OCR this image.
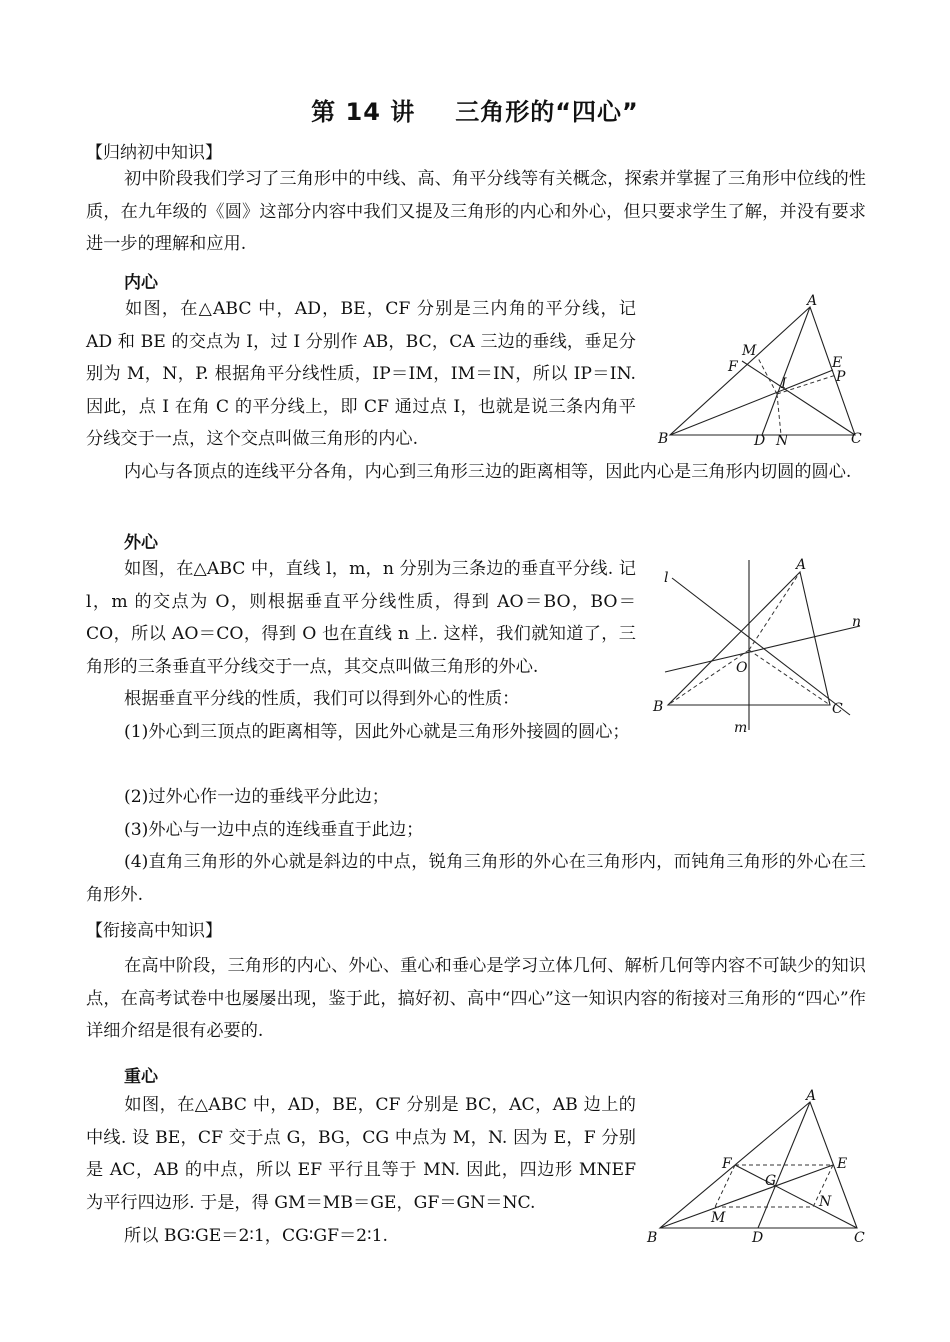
第 14 讲 三角形的“四心”
【归纳初中知识】

初中阶段我们学习了三角形中的中线、高、角平分线等有关概念，探索并掌握了三角形中位线的性质，在九年级的《圆》这部分内容中我们又提及三角形的内心和外心，但只要求学生了解，并没有要求进一步的理解和应用.

内心

如图，在△ABC 中，AD，BE，CF 分别是三内角的平分线，记 AD 和 BE 的交点为 I，过 I 分别作 AB，BC，CA 三边的垂线，垂足分别为 M，N，P. 根据角平分线性质，IP＝IM，IM＝IN，所以 IP＝IN. 因此，点 I 在角 C 的平分线上，即 CF 通过点 I，也就是说三条内角平分线交于一点，这个交点叫做三角形的内心.

内心与各顶点的连线平分各角，内心到三角形三边的距离相等，因此内心是三角形内切圆的圆心.

A
B	C
D N
M
F	E
P
I
外心

如图，在△ABC 中，直线 l，m，n 分别为三条边的垂直平分线. 记 l，m 的交点为 O，则根据垂直平分线性质，得到 AO＝BO，BO＝CO，所以 AO＝CO，得到 O 也在直线 n 上. 这样，我们就知道了，三角形的三条垂直平分线交于一点，其交点叫做三角形的外心.

根据垂直平分线的性质，我们可以得到外心的性质：

(1)外心到三顶点的距离相等，因此外心就是三角形外接圆的圆心；

(2)过外心作一边的垂线平分此边；

(3)外心与一边中点的连线垂直于此边；

(4)直角三角形的外心就是斜边的中点，锐角三角形的外心在三角形内，而钝角三角形的外心在三角形外.

l
m
n
A
B	C
O
【衔接高中知识】

在高中阶段，三角形的内心、外心、重心和垂心是学习立体几何、解析几何等内容不可缺少的知识点，在高考试卷中也屡屡出现，鉴于此，搞好初、高中“四心”这一知识内容的衔接对三角形的“四心”作详细介绍是很有必要的.

重心

如图，在△ABC 中，AD，BE，CF 分别是 BC，AC，AB 边上的中线. 设 BE，CF 交于点 G，BG，CG 中点为 M，N. 因为 E，F 分别是 AC，AB 的中点，所以 EF 平行且等于 MN. 因此，四边形 MNEF 为平行四边形. 于是，得 GM＝MB＝GE，GF＝GN＝NC.

所以 BG∶GE＝2∶1，CG∶GF＝2∶1.

A
B	C
D
E
F
G
M
N
